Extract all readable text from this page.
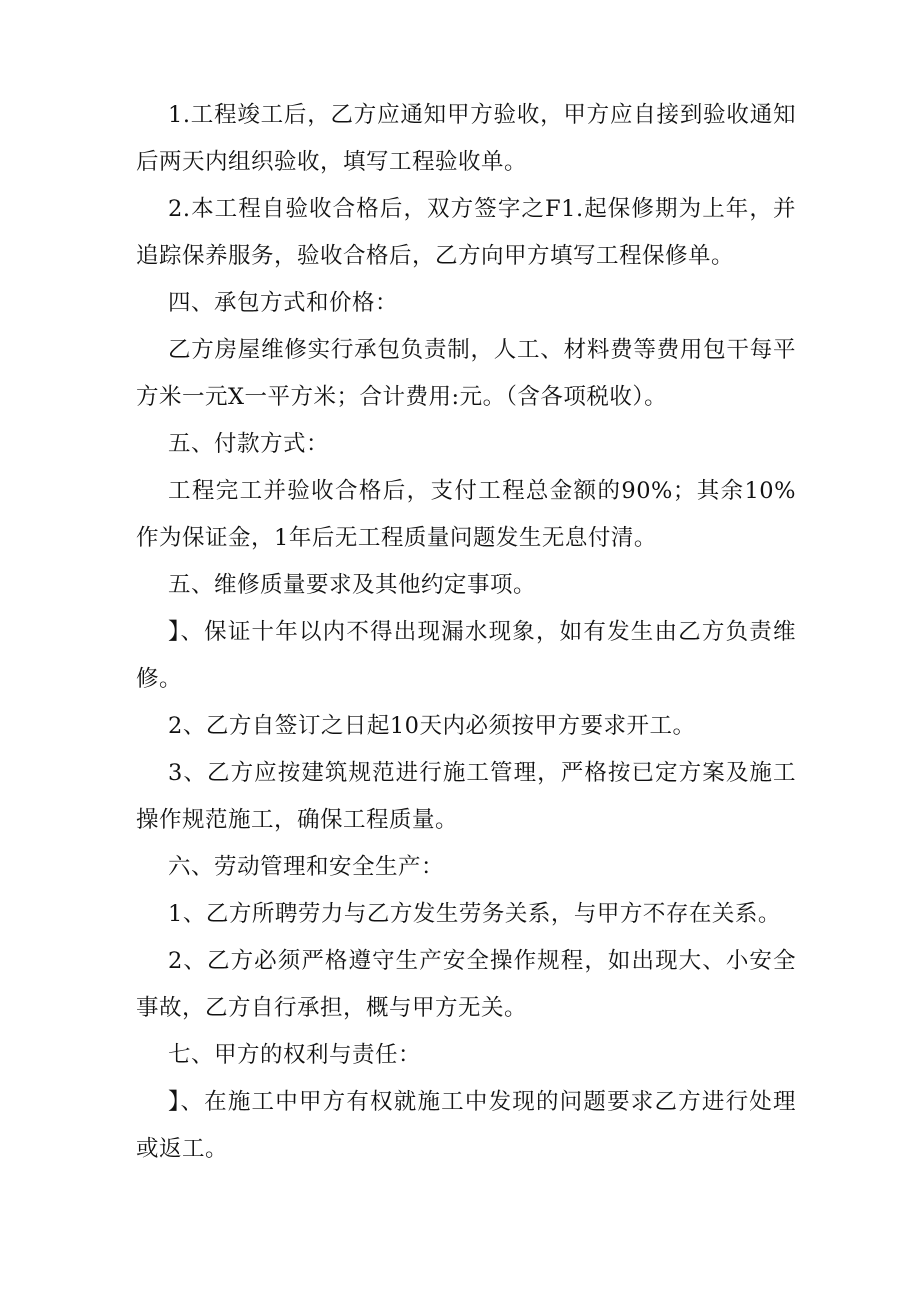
1.工程竣工后，乙方应通知甲方验收，甲方应自接到验收通知后两天内组织验收，填写工程验收单。

2.本工程自验收合格后，双方签字之F1.起保修期为上年，并追踪保养服务，验收合格后，乙方向甲方填写工程保修单。

四、承包方式和价格：

乙方房屋维修实行承包负责制，人工、材料费等费用包干每平方米一元X一平方米；合计费用:元。（含各项税收）。

五、付款方式：

工程完工并验收合格后，支付工程总金额的90%；其余10%作为保证金，1年后无工程质量问题发生无息付清。

五、维修质量要求及其他约定事项。

】、保证十年以内不得出现漏水现象，如有发生由乙方负责维修。

2、乙方自签订之日起10天内必须按甲方要求开工。

3、乙方应按建筑规范进行施工管理，严格按已定方案及施工操作规范施工，确保工程质量。

六、劳动管理和安全生产：

1、乙方所聘劳力与乙方发生劳务关系，与甲方不存在关系。

2、乙方必须严格遵守生产安全操作规程，如出现大、小安全事故，乙方自行承担，概与甲方无关。

七、甲方的权利与责任：

】、在施工中甲方有权就施工中发现的问题要求乙方进行处理或返工。
